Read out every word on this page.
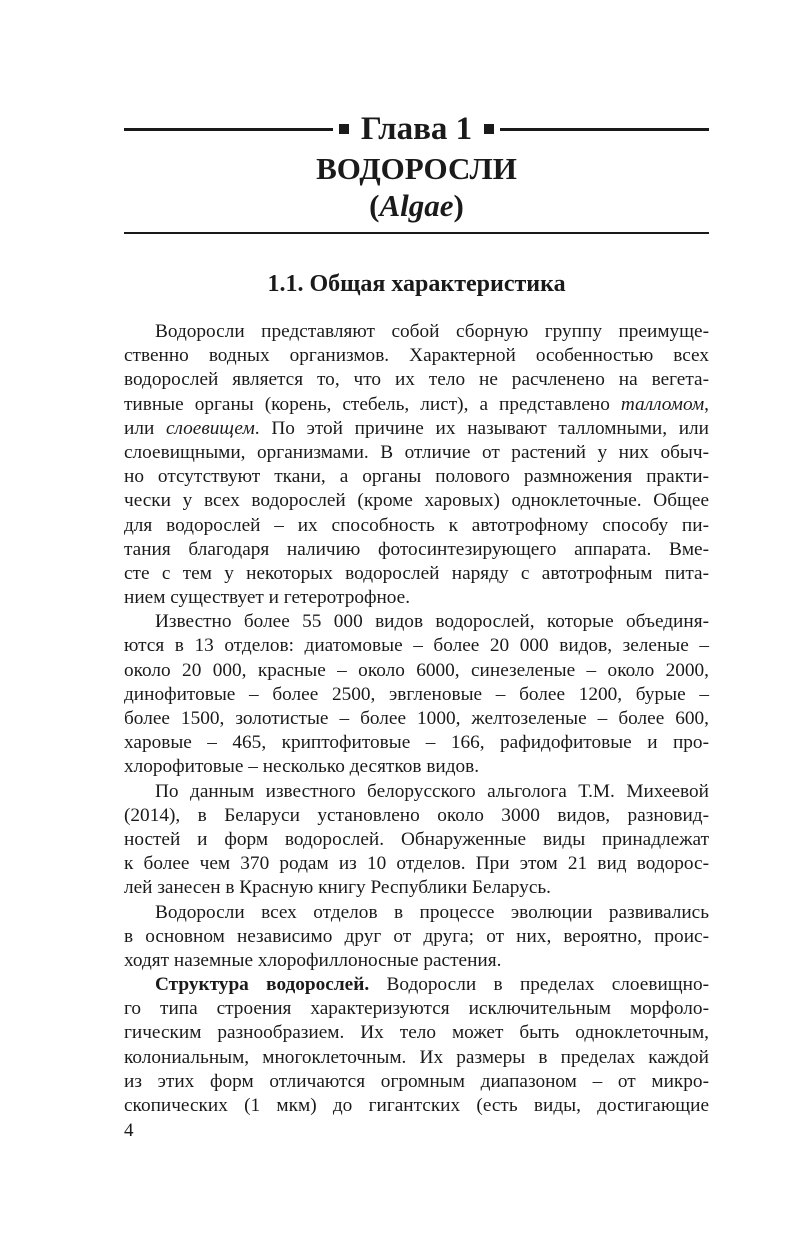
Глава 1
ВОДОРОСЛИ
(Algae)
1.1. Общая характеристика
Водоросли представляют собой сборную группу преимуще-
ственно водных организмов. Характерной особенностью всех
водорослей является то, что их тело не расчленено на вегета-
тивные органы (корень, стебель, лист), а представлено талломом,
или слоевищем. По этой причине их называют талломными, или
слоевищными, организмами. В отличие от растений у них обыч-
но отсутствуют ткани, а органы полового размножения практи-
чески у всех водорослей (кроме харовых) одноклеточные. Общее
для водорослей – их способность к автотрофному способу пи-
тания благодаря наличию фотосинтезирующего аппарата. Вме-
сте с тем у некоторых водорослей наряду с автотрофным пита-
нием существует и гетеротрофное.
Известно более 55 000 видов водорослей, которые объединя-
ются в 13 отделов: диатомовые – более 20 000 видов, зеленые –
около 20 000, красные – около 6000, синезеленые – около 2000,
динофитовые – более 2500, эвгленовые – более 1200, бурые –
более 1500, золотистые – более 1000, желтозеленые – более 600,
харовые – 465, криптофитовые – 166, рафидофитовые и про-
хлорофитовые – несколько десятков видов.
По данным известного белорусского альголога Т.М. Михеевой
(2014), в Беларуси установлено около 3000 видов, разновид-
ностей и форм водорослей. Обнаруженные виды принадлежат
к более чем 370 родам из 10 отделов. При этом 21 вид водорос-
лей занесен в Красную книгу Республики Беларусь.
Водоросли всех отделов в процессе эволюции развивались
в основном независимо друг от друга; от них, вероятно, проис-
ходят наземные хлорофиллоносные растения.
Структура водорослей. Водоросли в пределах слоевищно-
го типа строения характеризуются исключительным морфоло-
гическим разнообразием. Их тело может быть одноклеточным,
колониальным, многоклеточным. Их размеры в пределах каждой
из этих форм отличаются огромным диапазоном – от микро-
скопических (1 мкм) до гигантских (есть виды, достигающие
4
